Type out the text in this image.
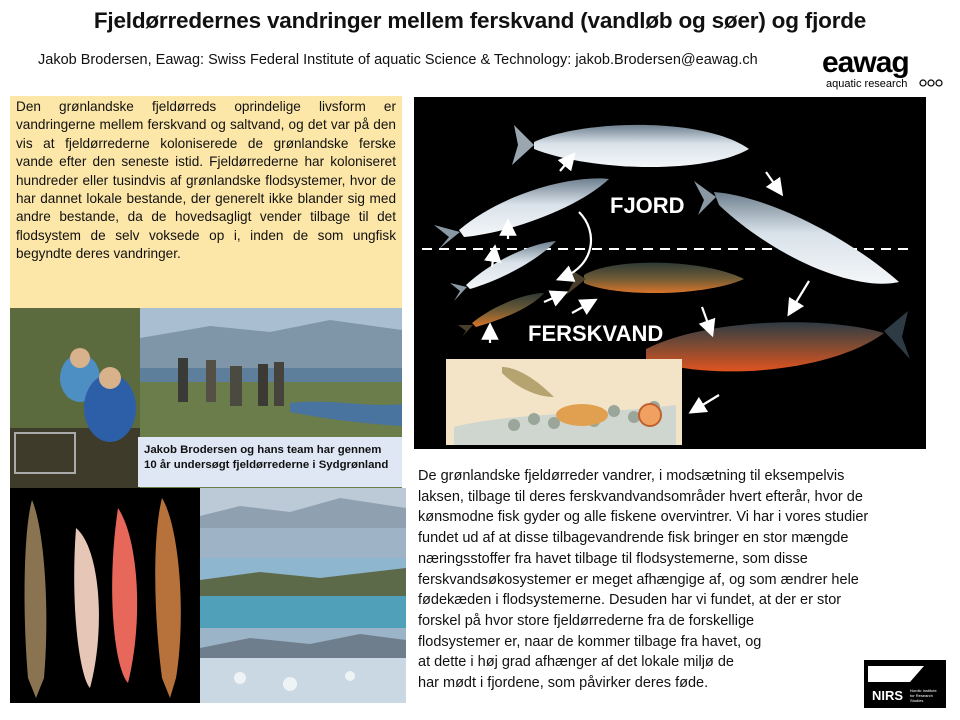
Fjeldørredernes vandringer mellem ferskvand (vandløb og søer) og fjorde
Jakob Brodersen, Eawag: Swiss Federal Institute of aquatic Science & Technology: jakob.Brodersen@eawag.ch eawag
aquatic research
Den grønlandske fjeldørreds oprindelige livsform er vandringerne mellem ferskvand og saltvand, og det var på den vis at fjeldørrederne koloniserede de grønlandske ferske vande efter den seneste istid. Fjeldørrederne har koloniseret hundreder eller tusindvis af grønlandske flodsystemer, hvor de har dannet lokale bestande, der generelt ikke blander sig med andre bestande, da de hovedsagligt vender tilbage til det flodsystem de selv voksede op i, inden de som ungfisk begyndte deres vandringer.
FJORD
FERSKVAND
Jakob Brodersen og hans team har gennem 10 år undersøgt fjeldørrederne i Sydgrønland
De grønlandske fjeldørreder vandrer, i modsætning til eksempelvis
laksen, tilbage til deres ferskvandvandsområder hvert efterår, hvor de
kønsmodne fisk gyder og alle fiskene overvintrer. Vi har i vores studier
fundet ud af at disse tilbagevandrende fisk bringer en stor mængde
næringsstoffer fra havet tilbage til flodsystemerne, som disse
ferskvandsøkosystemer er meget afhængige af, og som ændrer hele
fødekæden i flodsystemerne. Desuden har vi fundet, at der er stor
forskel på hvor store fjeldørrederne fra de forskellige
flodsystemer er, naar de kommer tilbage fra havet, og
at dette i høj grad afhænger af det lokale miljø de
har mødt i fjordene, som påvirker deres føde.
NIRS Nordic Institute
for Research
Studies
